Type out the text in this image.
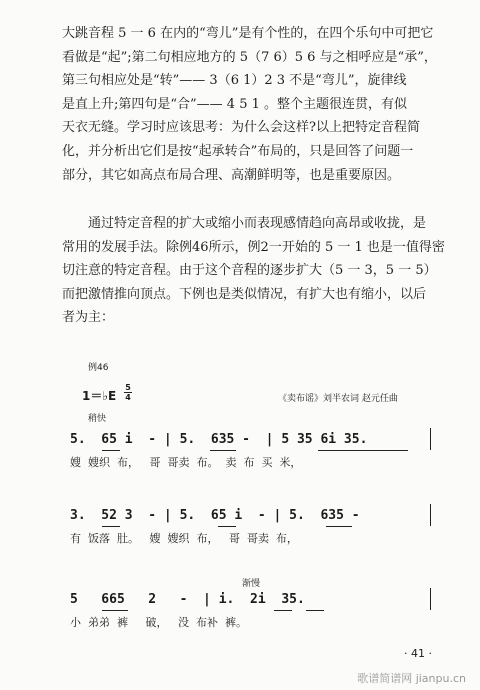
大跳音程 5 一 6 在内的“弯儿”是有个性的，在四个乐句中可把它

看做是“起”;第二句相应地方的 5（7 6）5 6 与之相呼应是“承”，

第三句相应处是“转”—— 3（6 1）2 3 不是“弯儿”，旋律线

是直上升;第四句是“合”—— 4 5 1 。整个主题很连贯，有似

天衣无缝。学习时应该思考：为什么会这样?以上把特定音程简

化，并分析出它们是按“起承转合”布局的，只是回答了问题一

部分，其它如高点布局合理、高潮鲜明等，也是重要原因。

通过特定音程的扩大或缩小而表现感情趋向高昂或收拢，是

常用的发展手法。除例46所示，例2一开始的 5 一 1 也是一值得密

切注意的特定音程。由于这个音程的逐步扩大（5 一 3，5 一 5）

而把激情推向顶点。下例也是类似情况，有扩大也有缩小，以后

者为主：

例46
1＝♭E
5
4	《卖布谣》刘半农词 赵元任曲
稍快
5.  65 i  - | 5.  635 -  | 5 35 6i 35.
嫂  嫂织  布，   哥  哥卖  布。  卖  布  买  米，
3.  52 3  - | 5.  65 i  - | 5.  635 -
有  饭落  肚。   嫂  嫂织  布，   哥  哥卖  布，
渐慢
5   665   2   -  | i.  2i  35.
小  弟弟  裤     破，   没  布补  裤。
· 41 ·
歌谱简谱网 jianpu.cn
